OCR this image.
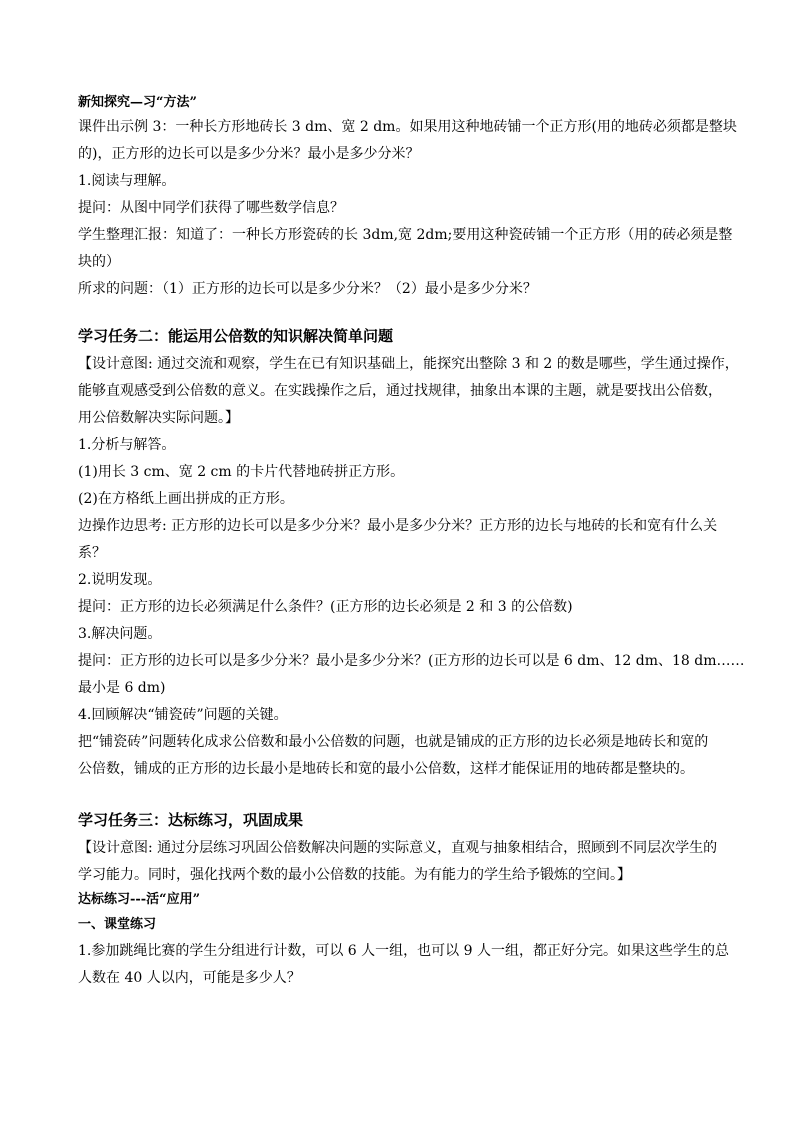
新知探究—习“方法”

课件出示例 3：一种长方形地砖长 3 dm、宽 2 dm。如果用这种地砖铺一个正方形(用的地砖必须都是整块

的)，正方形的边长可以是多少分米？最小是多少分米？

1.阅读与理解。

提问：从图中同学们获得了哪些数学信息？

学生整理汇报：知道了：一种长方形瓷砖的长 3dm,宽 2dm;要用这种瓷砖铺一个正方形（用的砖必须是整

块的）

所求的问题：（1）正方形的边长可以是多少分米？（2）最小是多少分米？

学习任务二：能运用公倍数的知识解决简单问题

【设计意图: 通过交流和观察，学生在已有知识基础上，能探究出整除 3 和 2 的数是哪些，学生通过操作，

能够直观感受到公倍数的意义。在实践操作之后，通过找规律，抽象出本课的主题，就是要找出公倍数，

用公倍数解决实际问题。】

1.分析与解答。

(1)用长 3 cm、宽 2 cm 的卡片代替地砖拼正方形。

(2)在方格纸上画出拼成的正方形。

边操作边思考: 正方形的边长可以是多少分米？最小是多少分米？正方形的边长与地砖的长和宽有什么关

系？

2.说明发现。

提问：正方形的边长必须满足什么条件？(正方形的边长必须是 2 和 3 的公倍数)

3.解决问题。

提问：正方形的边长可以是多少分米？最小是多少分米？(正方形的边长可以是 6 dm、12 dm、18 dm……

最小是 6 dm)

4.回顾解决“铺瓷砖”问题的关键。

把“铺瓷砖”问题转化成求公倍数和最小公倍数的问题，也就是铺成的正方形的边长必须是地砖长和宽的

公倍数，铺成的正方形的边长最小是地砖长和宽的最小公倍数，这样才能保证用的地砖都是整块的。

学习任务三：达标练习，巩固成果

【设计意图: 通过分层练习巩固公倍数解决问题的实际意义，直观与抽象相结合，照顾到不同层次学生的

学习能力。同时，强化找两个数的最小公倍数的技能。为有能力的学生给予锻炼的空间。】

达标练习---活“应用”

一、课堂练习

1.参加跳绳比赛的学生分组进行计数，可以 6 人一组，也可以 9 人一组，都正好分完。如果这些学生的总

人数在 40 人以内，可能是多少人？
